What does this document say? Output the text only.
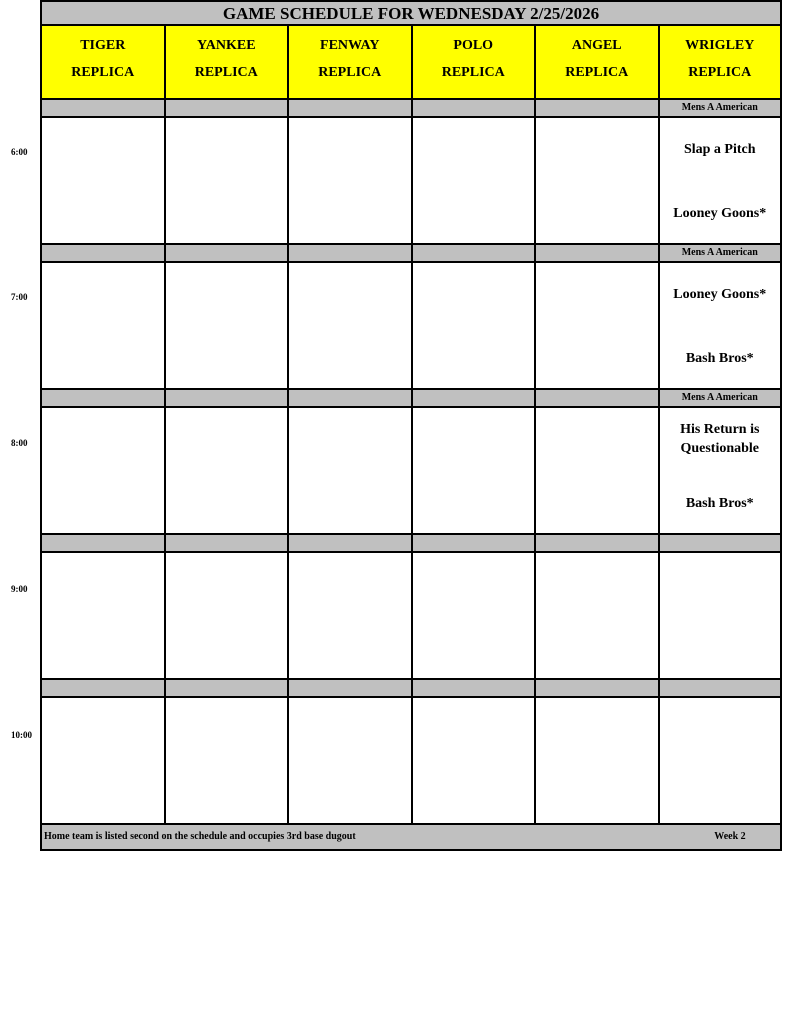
6:00
7:00
8:00
9:00
10:00
GAME SCHEDULE FOR WEDNESDAY 2/25/2026
TIGER
REPLICA
YANKEE
REPLICA
FENWAY
REPLICA
POLO
REPLICA
ANGEL
REPLICA
WRIGLEY
REPLICA
Mens A American
Slap a Pitch
Looney Goons*
Mens A American
Looney Goons*
Bash Bros*
Mens A American
His Return is Questionable
Bash Bros*
Home team is listed second on the schedule and occupies 3rd base dugout	Week 2
